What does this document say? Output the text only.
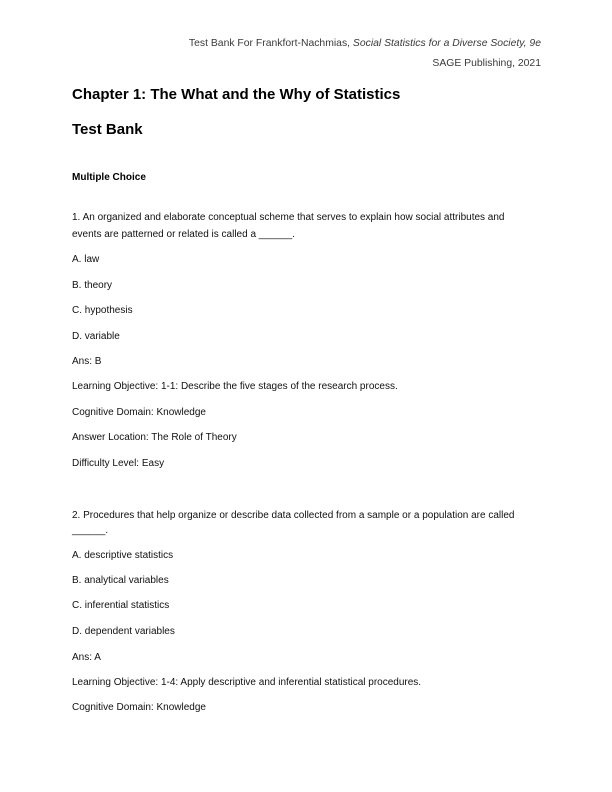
Test Bank For Frankfort-Nachmias, Social Statistics for a Diverse Society, 9e
SAGE Publishing, 2021
Chapter 1: The What and the Why of Statistics
Test Bank
Multiple Choice
1. An organized and elaborate conceptual scheme that serves to explain how social attributes and
events are patterned or related is called a ______.
A. law
B. theory
C. hypothesis
D. variable
Ans: B
Learning Objective: 1-1: Describe the five stages of the research process.
Cognitive Domain: Knowledge
Answer Location: The Role of Theory
Difficulty Level: Easy
2. Procedures that help organize or describe data collected from a sample or a population are called
______.
A. descriptive statistics
B. analytical variables
C. inferential statistics
D. dependent variables
Ans: A
Learning Objective: 1-4: Apply descriptive and inferential statistical procedures.
Cognitive Domain: Knowledge
